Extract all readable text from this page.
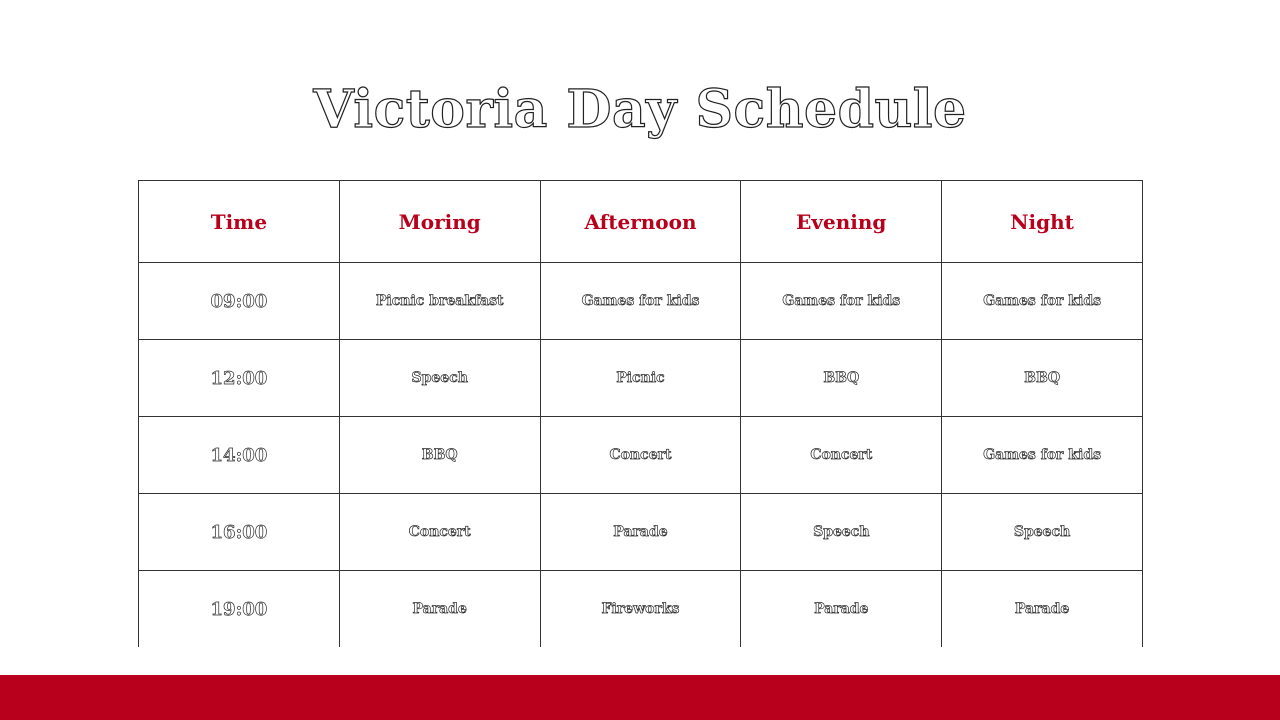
Victoria Day Schedule
Time	Moring	Afternoon	Evening	Night
09:00	Picnic breakfast	Games for kids	Games for kids	Games for kids
12:00	Speech	Picnic	BBQ	BBQ
14:00	BBQ	Concert	Concert	Games for kids
16:00	Concert	Parade	Speech	Speech
19:00	Parade	Fireworks	Parade	Parade
